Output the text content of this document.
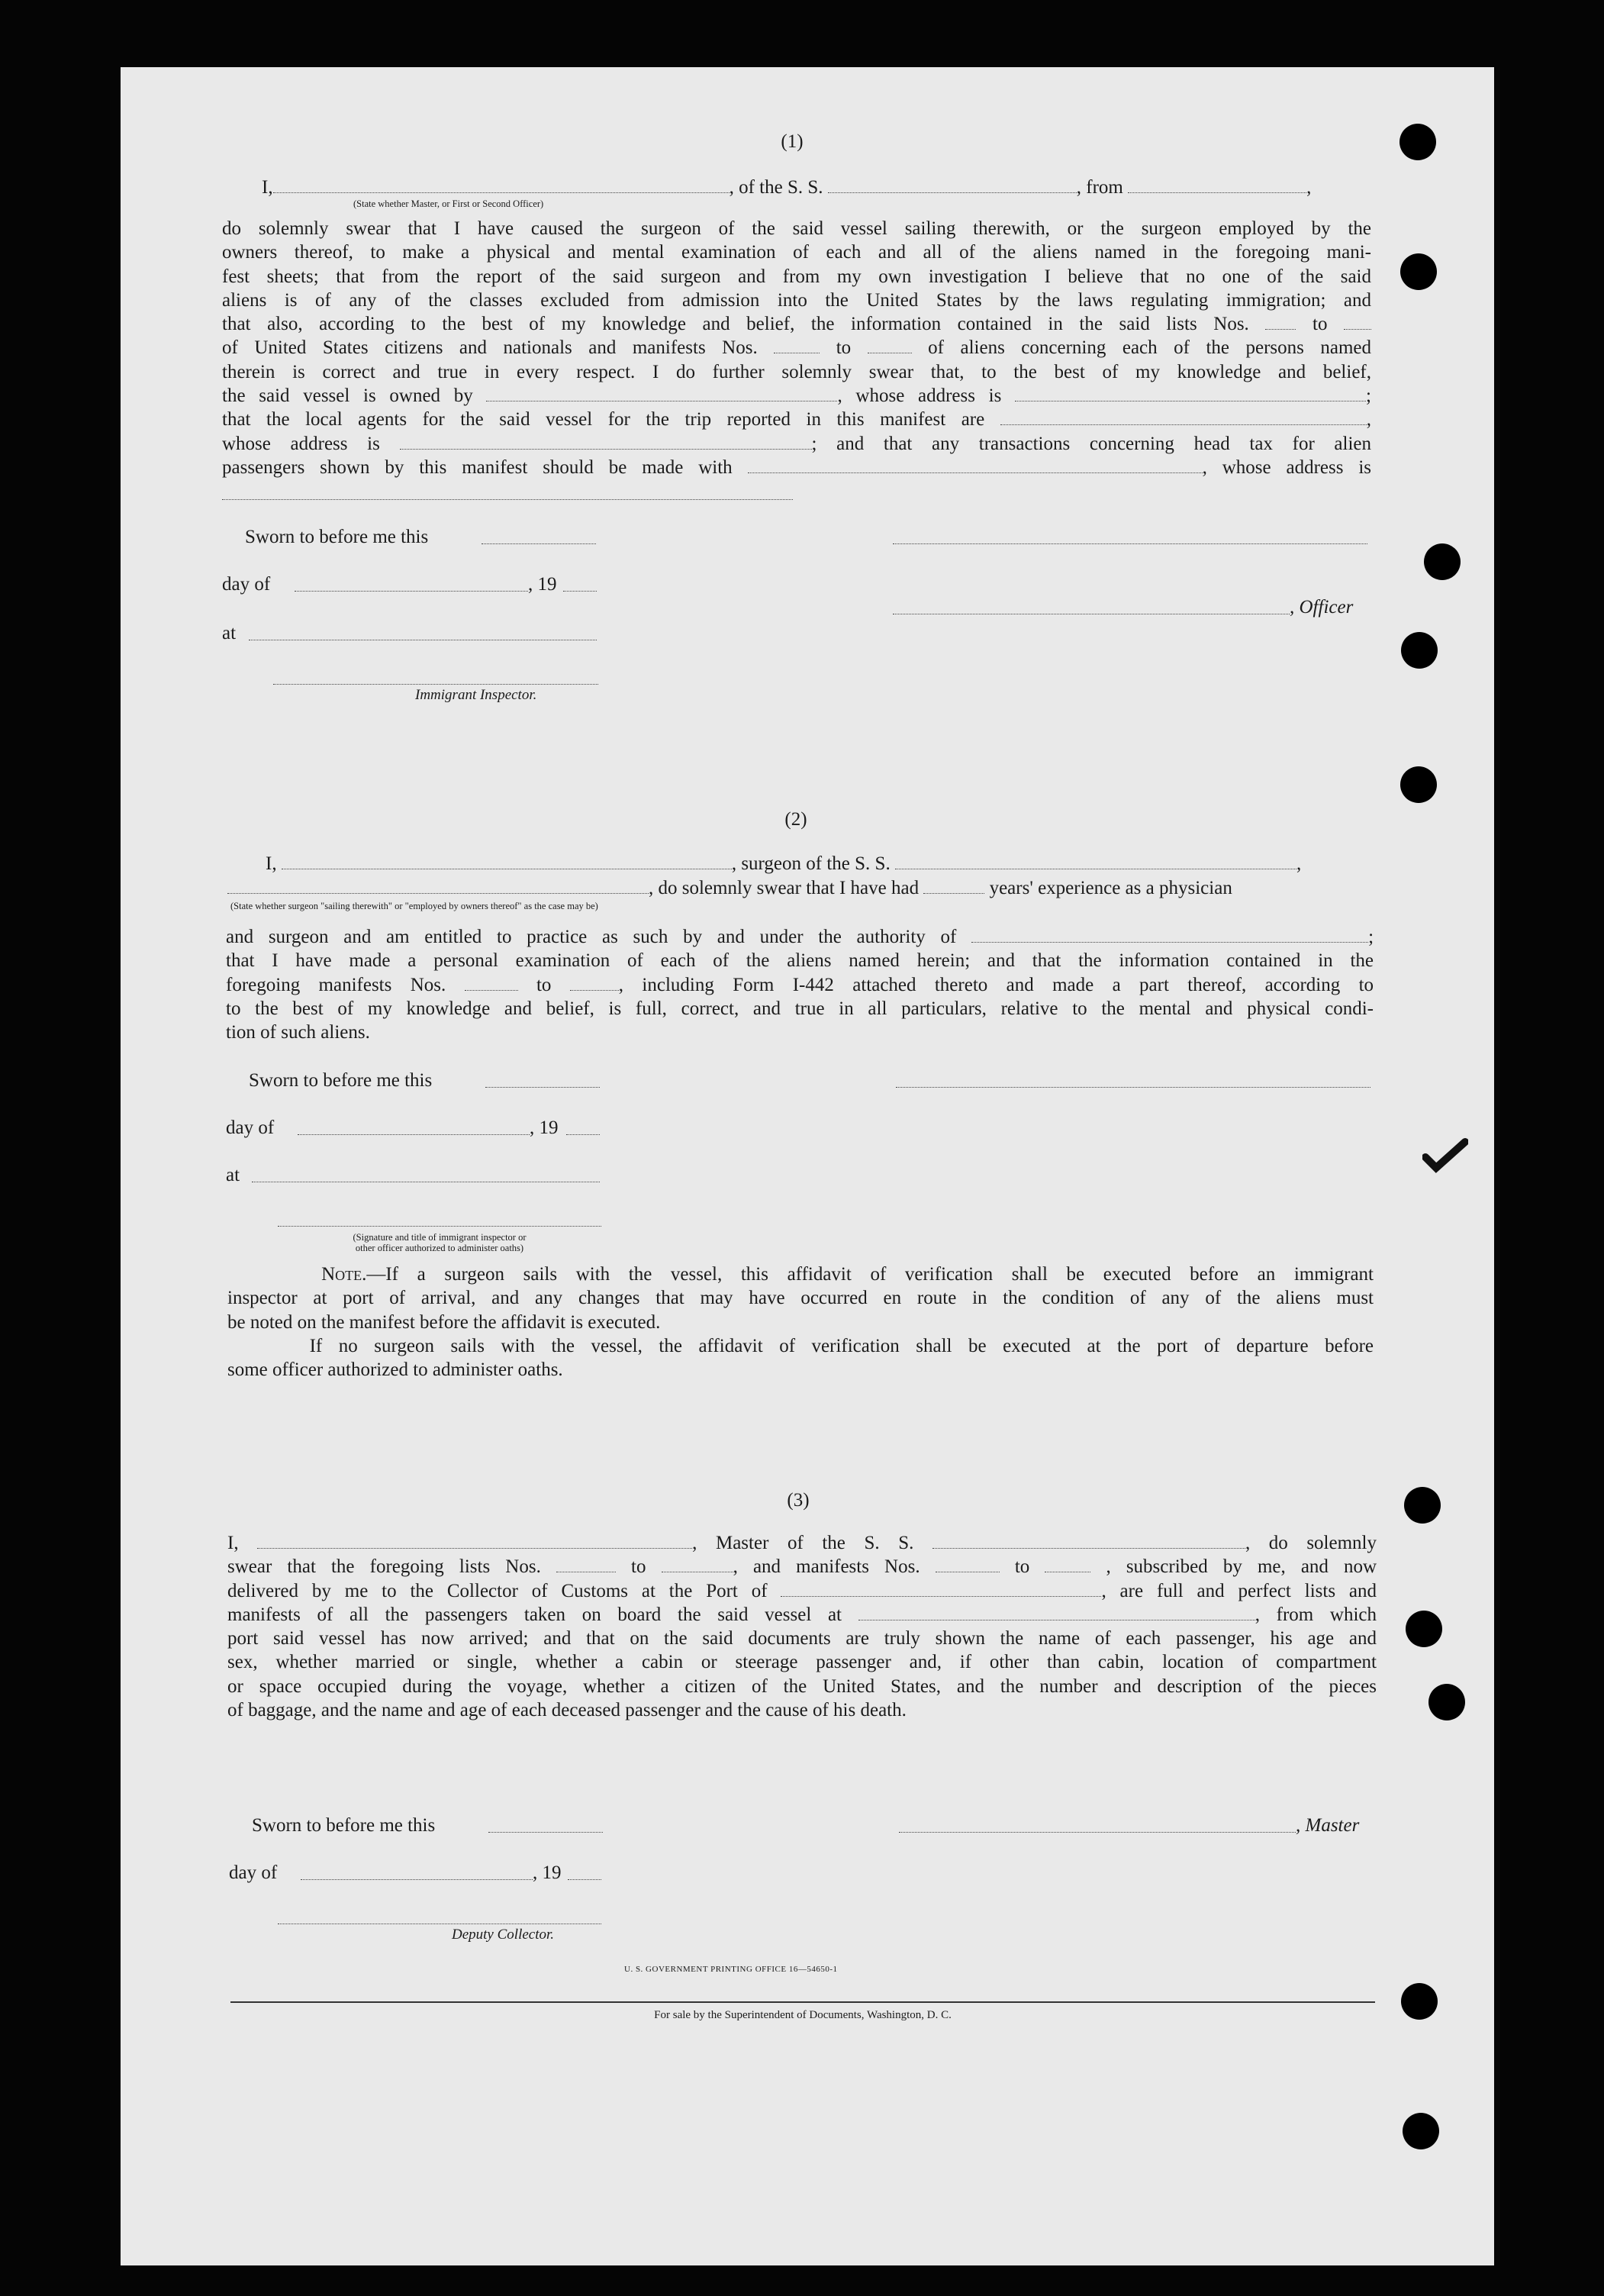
(1)
I,	, of the S. S.	, from	,
(State whether Master, or First or Second Officer)
do solemnly swear that I have caused the surgeon of the said vessel sailing therewith, or the surgeon employed by the
owners thereof, to make a physical and mental examination of each and all of the aliens named in the foregoing mani-
fest sheets; that from the report of the said surgeon and from my own investigation I believe that no one of the said
aliens is of any of the classes excluded from admission into the United States by the laws regulating immigration; and
that also, according to the best of my knowledge and belief, the information contained in the said lists Nos.	to
of United States citizens and nationals and manifests Nos.	to	of aliens concerning each of the persons named
therein is correct and true in every respect. I do further solemnly swear that, to the best of my knowledge and belief,
the said vessel is owned by	, whose address is	;
that the local agents for the said vessel for the trip reported in this manifest are	,
whose address is	; and that any transactions concerning head tax for alien
passengers shown by this manifest should be made with	, whose address is
Sworn to before me this
day of	, 19
, Officer
at
Immigrant Inspector.
(2)
I,	, surgeon of the S. S.	,
, do solemnly swear that I have had	years' experience as a physician
(State whether surgeon "sailing therewith" or "employed by owners thereof" as the case may be)
and surgeon and am entitled to practice as such by and under the authority of	;
that I have made a personal examination of each of the aliens named herein; and that the information contained in the
foregoing manifests Nos.	to	, including Form I-442 attached thereto and made a part thereof, according to
to the best of my knowledge and belief, is full, correct, and true in all particulars, relative to the mental and physical condi-
tion of such aliens.
Sworn to before me this
day of	, 19
at
(Signature and title of immigrant inspector or
other officer authorized to administer oaths)
Note.—If a surgeon sails with the vessel, this affidavit of verification shall be executed before an immigrant
inspector at port of arrival, and any changes that may have occurred en route in the condition of any of the aliens must
be noted on the manifest before the affidavit is executed.
If no surgeon sails with the vessel, the affidavit of verification shall be executed at the port of departure before
some officer authorized to administer oaths.
(3)
I,	, Master of the S. S.	, do solemnly
swear that the foregoing lists Nos.	to	, and manifests Nos.	to	, subscribed by me, and now
delivered by me to the Collector of Customs at the Port of	, are full and perfect lists and
manifests of all the passengers taken on board the said vessel at	, from which
port said vessel has now arrived; and that on the said documents are truly shown the name of each passenger, his age and
sex, whether married or single, whether a cabin or steerage passenger and, if other than cabin, location of compartment
or space occupied during the voyage, whether a citizen of the United States, and the number and description of the pieces
of baggage, and the name and age of each deceased passenger and the cause of his death.
Sworn to before me this	, Master
day of	, 19
Deputy Collector.
U. S. GOVERNMENT PRINTING OFFICE 16—54650-1
For sale by the Superintendent of Documents, Washington, D. C.
